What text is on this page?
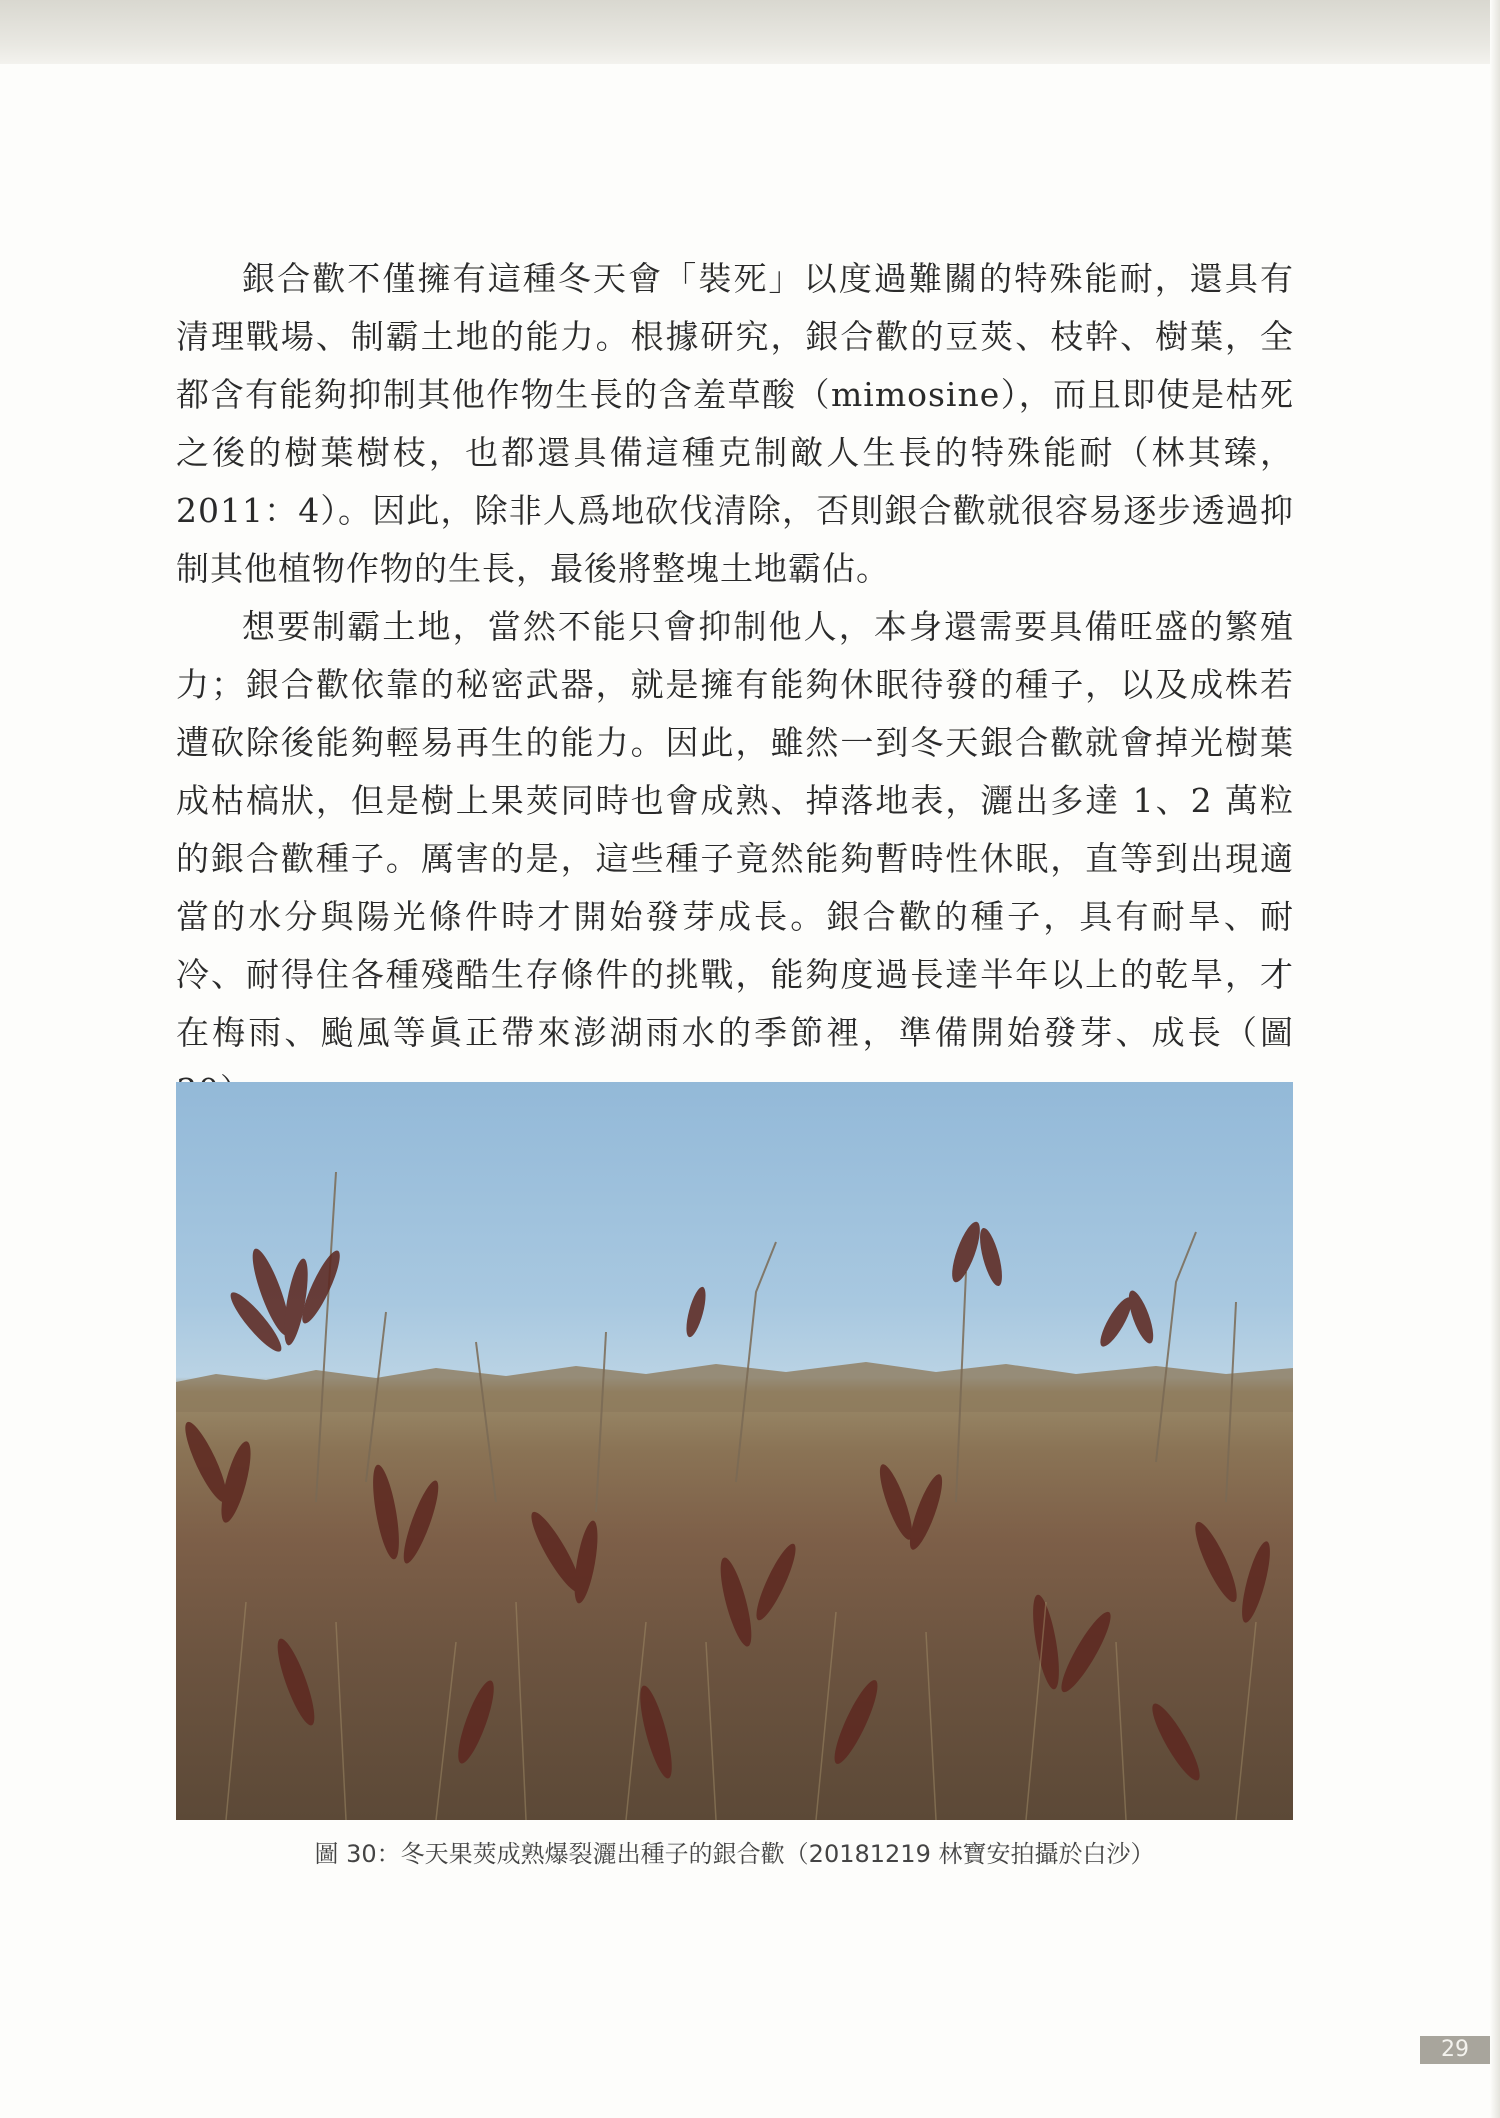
銀合歡不僅擁有這種冬天會「裝死」以度過難關的特殊能耐，還具有清理戰場、制霸土地的能力。根據研究，銀合歡的豆莢、枝幹、樹葉，全都含有能夠抑制其他作物生長的含羞草酸（mimosine），而且即使是枯死之後的樹葉樹枝，也都還具備這種克制敵人生長的特殊能耐（林其臻，2011：4）。因此，除非人爲地砍伐清除，否則銀合歡就很容易逐步透過抑制其他植物作物的生長，最後將整塊土地霸佔。

想要制霸土地，當然不能只會抑制他人，本身還需要具備旺盛的繁殖力；銀合歡依靠的秘密武器，就是擁有能夠休眠待發的種子，以及成株若遭砍除後能夠輕易再生的能力。因此，雖然一到冬天銀合歡就會掉光樹葉成枯槁狀，但是樹上果莢同時也會成熟、掉落地表，灑出多達 1、2 萬粒的銀合歡種子。厲害的是，這些種子竟然能夠暫時性休眠，直等到出現適當的水分與陽光條件時才開始發芽成長。銀合歡的種子，具有耐旱、耐冷、耐得住各種殘酷生存條件的挑戰，能夠度過長達半年以上的乾旱，才在梅雨、颱風等眞正帶來澎湖雨水的季節裡，準備開始發芽、成長（圖

圖 30：冬天果莢成熟爆裂灑出種子的銀合歡（20181219 林寶安拍攝於白沙）
29
